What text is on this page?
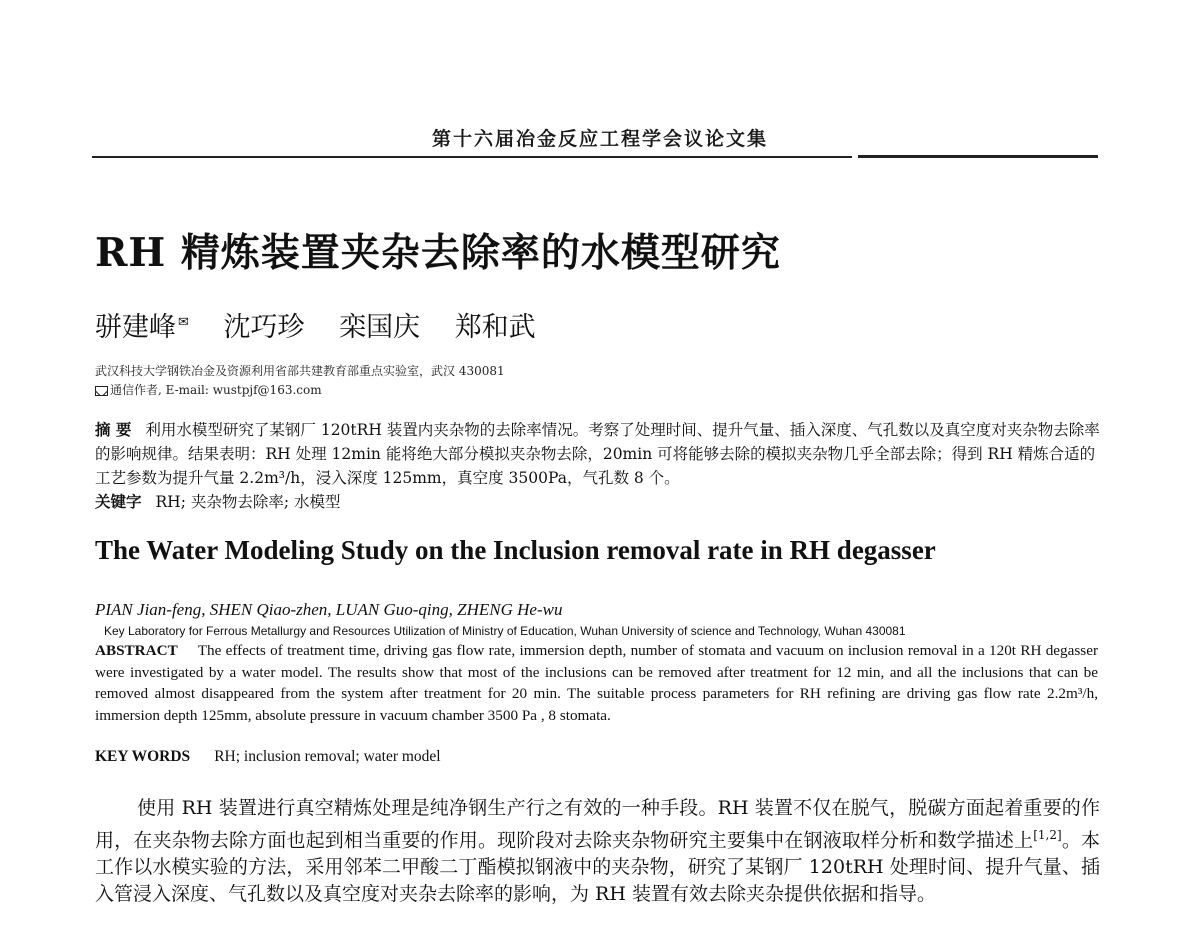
第十六届冶金反应工程学会议论文集
RH 精炼装置夹杂去除率的水模型研究
骈建峰 ✉ 沈巧珍 栾国庆 郑和武
武汉科技大学钢铁冶金及资源利用省部共建教育部重点实验室，武汉 430081
通信作者, E-mail: wustpjf@163.com
摘 要 利用水模型研究了某钢厂 120tRH 装置内夹杂物的去除率情况。考察了处理时间、提升气量、插入深度、气孔数以及真空度对夹杂物去除率的影响规律。结果表明：RH 处理 12min 能将绝大部分模拟夹杂物去除，20min 可将能够去除的模拟夹杂物几乎全部去除；得到 RH 精炼合适的工艺参数为提升气量 2.2m³/h，浸入深度 125mm，真空度 3500Pa，气孔数 8 个。
关键字 RH; 夹杂物去除率; 水模型
The Water Modeling Study on the Inclusion removal rate in RH degasser
PIAN Jian-feng, SHEN Qiao-zhen, LUAN Guo-qing, ZHENG He-wu
Key Laboratory for Ferrous Metallurgy and Resources Utilization of Ministry of Education, Wuhan University of science and Technology, Wuhan 430081
ABSTRACT The effects of treatment time, driving gas flow rate, immersion depth, number of stomata and vacuum on inclusion removal in a 120t RH degasser were investigated by a water model. The results show that most of the inclusions can be removed after treatment for 12 min, and all the inclusions that can be removed almost disappeared from the system after treatment for 20 min. The suitable process parameters for RH refining are driving gas flow rate 2.2m³/h, immersion depth 125mm, absolute pressure in vacuum chamber 3500 Pa , 8 stomata.
KEY WORDS RH; inclusion removal; water model
使用 RH 装置进行真空精炼处理是纯净钢生产行之有效的一种手段。RH 装置不仅在脱气，脱碳方面起着重要的作用，在夹杂物去除方面也起到相当重要的作用。现阶段对去除夹杂物研究主要集中在钢液取样分析和数学描述上[1,2]。本工作以水模实验的方法，采用邻苯二甲酸二丁酯模拟钢液中的夹杂物，研究了某钢厂 120tRH 处理时间、提升气量、插入管浸入深度、气孔数以及真空度对夹杂去除率的影响，为 RH 装置有效去除夹杂提供依据和指导。
